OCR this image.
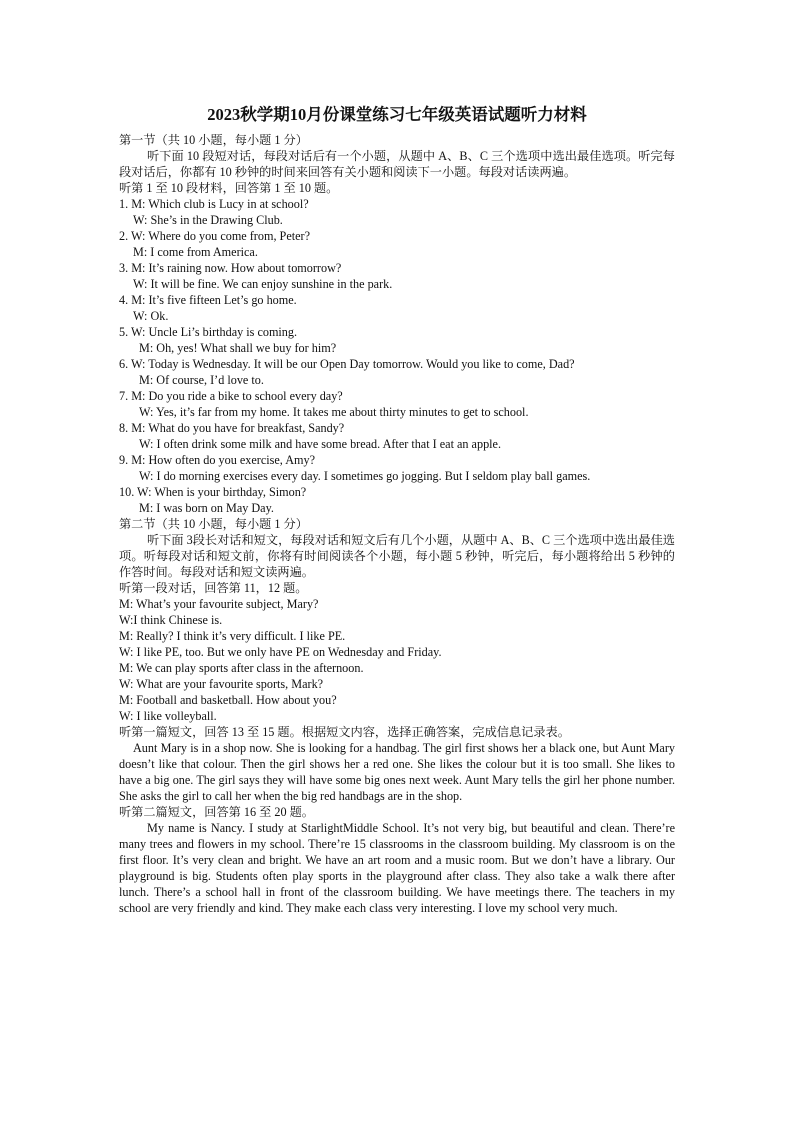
2023秋学期10月份课堂练习七年级英语试题听力材料
第一节（共 10 小题，每小题 1 分）
听下面 10 段短对话，每段对话后有一个小题，从题中 A、B、C 三个选项中选出最佳选项。听完每段对话后，你都有 10 秒钟的时间来回答有关小题和阅读下一小题。每段对话读两遍。
听第 1 至 10 段材料，回答第 1 至 10 题。
1. M: Which club is Lucy in at school?
W: She’s in the Drawing Club.
2. W: Where do you come from, Peter?
M: I come from America.
3. M: It’s raining now. How about tomorrow?
W: It will be fine. We can enjoy sunshine in the park.
4. M: It’s five fifteen Let’s go home.
W: Ok.
5. W: Uncle Li’s birthday is coming.
M: Oh, yes! What shall we buy for him?
6. W: Today is Wednesday. It will be our Open Day tomorrow. Would you like to come, Dad?
M: Of course, I’d love to.
7. M: Do you ride a bike to school every day?
W: Yes, it’s far from my home. It takes me about thirty minutes to get to school.
8. M: What do you have for breakfast, Sandy?
W: I often drink some milk and have some bread. After that I eat an apple.
9. M: How often do you exercise, Amy?
W: I do morning exercises every day. I sometimes go jogging. But I seldom play ball games.
10. W: When is your birthday, Simon?
M: I was born on May Day.
第二节（共 10 小题，每小题 1 分）
听下面 3段长对话和短文，每段对话和短文后有几个小题，从题中 A、B、C 三个选项中选出最佳选项。听每段对话和短文前，你将有时间阅读各个小题，每小题 5 秒钟，听完后，每小题将给出 5 秒钟的作答时间。每段对话和短文读两遍。
听第一段对话，回答第 11，12 题。
M: What’s your favourite subject, Mary?
W:I think Chinese is.
M: Really? I think it’s very difficult. I like PE.
W: I like PE, too. But we only have PE on Wednesday and Friday.
M: We can play sports after class in the afternoon.
W: What are your favourite sports, Mark?
M: Football and basketball. How about you?
W: I like volleyball.
听第一篇短文，回答 13 至 15 题。根据短文内容，选择正确答案，完成信息记录表。
Aunt Mary is in a shop now. She is looking for a handbag. The girl first shows her a black one, but Aunt Mary doesn’t like that colour. Then the girl shows her a red one. She likes the colour but it is too small. She likes to have a big one. The girl says they will have some big ones next week. Aunt Mary tells the girl her phone number. She asks the girl to call her when the big red handbags are in the shop.
听第二篇短文，回答第 16 至 20 题。
My name is Nancy. I study at StarlightMiddle School. It’s not very big, but beautiful and clean. There’re many trees and flowers in my school. There’re 15 classrooms in the classroom building. My classroom is on the first floor. It’s very clean and bright. We have an art room and a music room. But we don’t have a library. Our playground is big. Students often play sports in the playground after class. They also take a walk there after lunch. There’s a school hall in front of the classroom building. We have meetings there. The teachers in my school are very friendly and kind. They make each class very interesting. I love my school very much.
